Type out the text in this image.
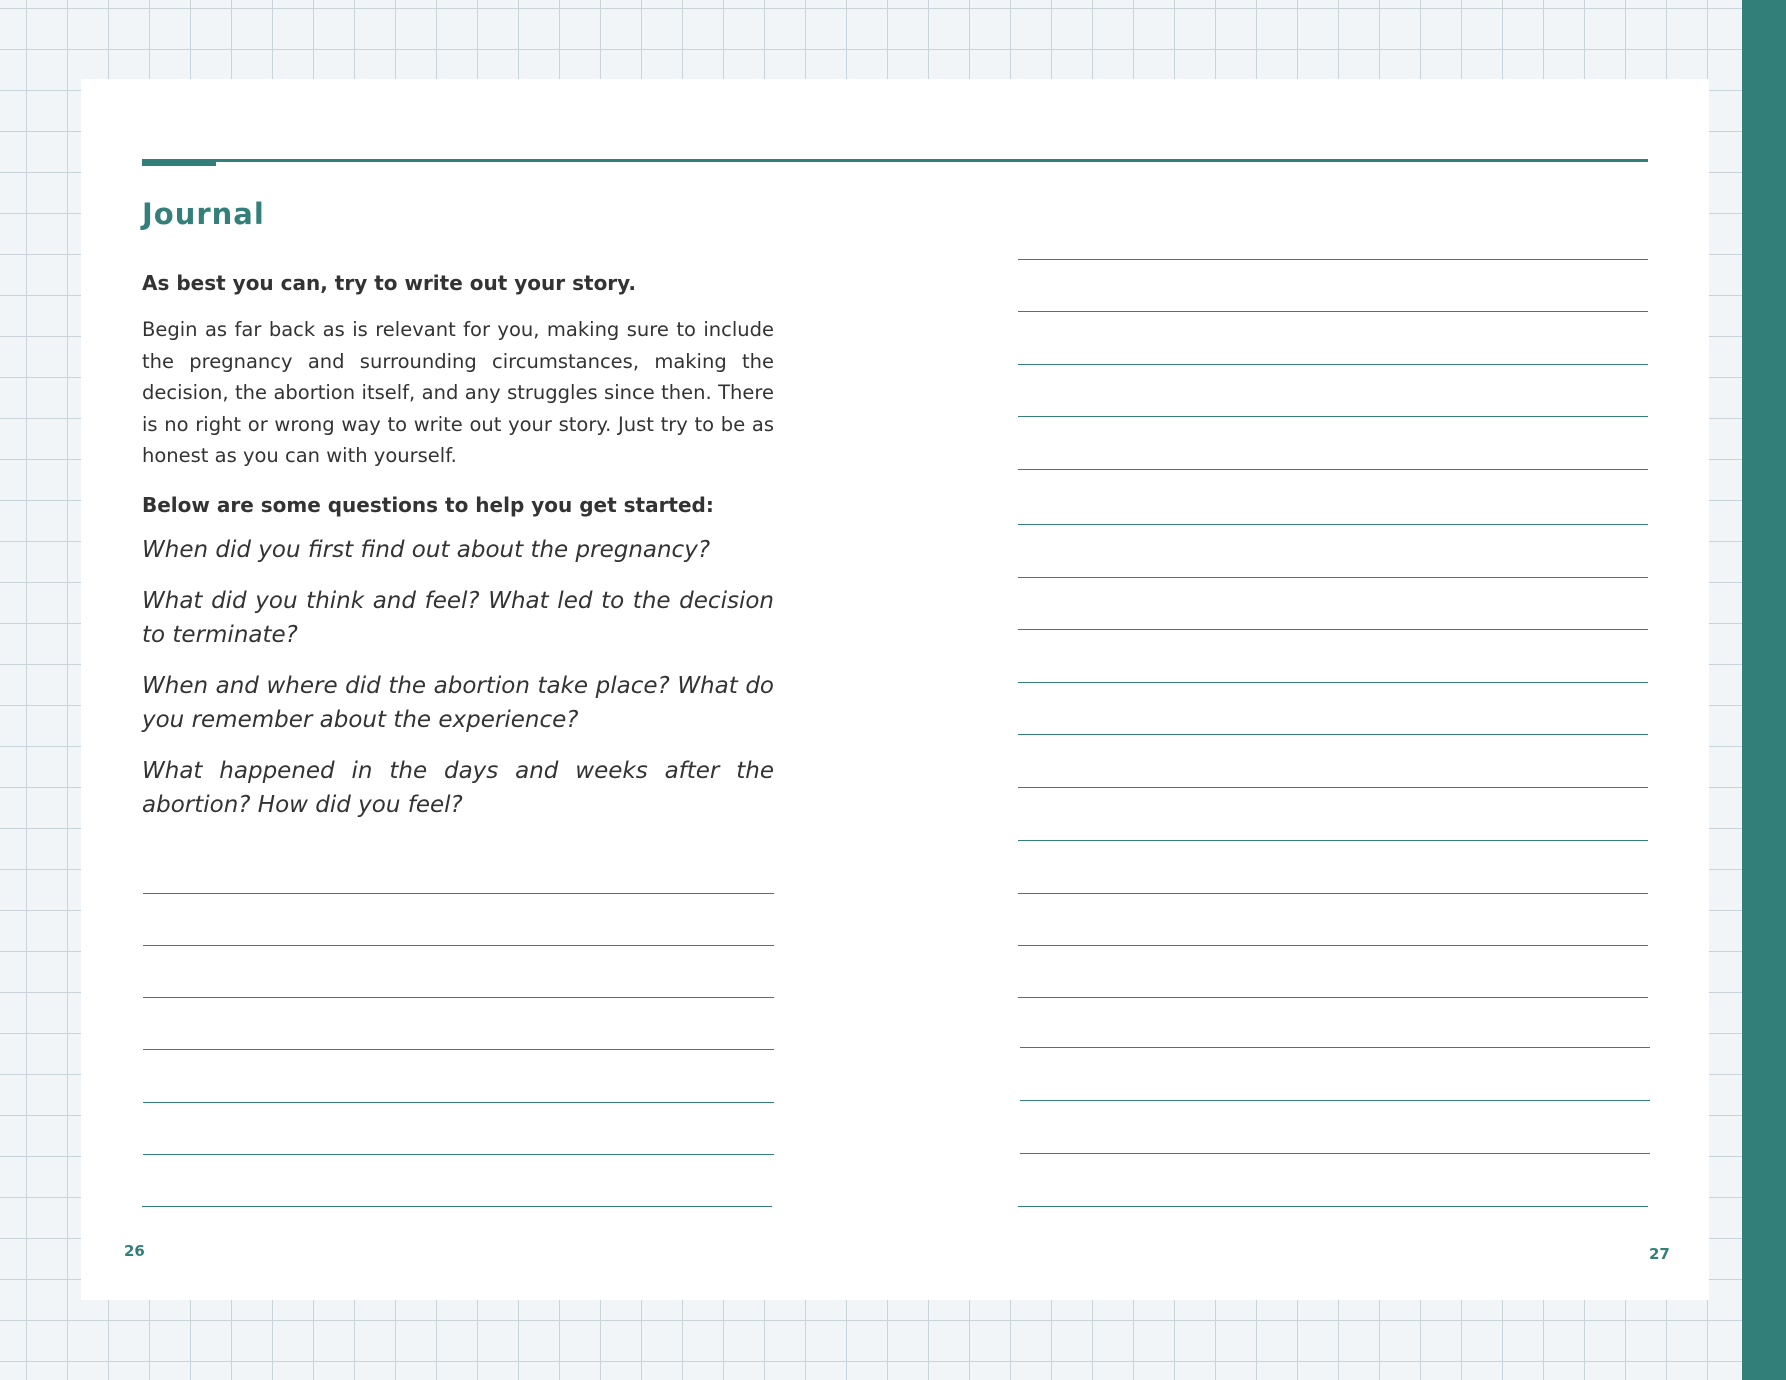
Journal

As best you can, try to write out your story.

Begin as far back as is relevant for you, making sure to include the pregnancy and surrounding circumstances, making the decision, the abortion itself, and any struggles since then. There is no right or wrong way to write out your story. Just try to be as honest as you can with yourself.

Below are some questions to help you get started:

When did you first find out about the pregnancy?

What did you think and feel? What led to the decision to terminate?

When and where did the abortion take place? What do you remember about the experience?

What happened in the days and weeks after the abortion? How did you feel?

26	27
